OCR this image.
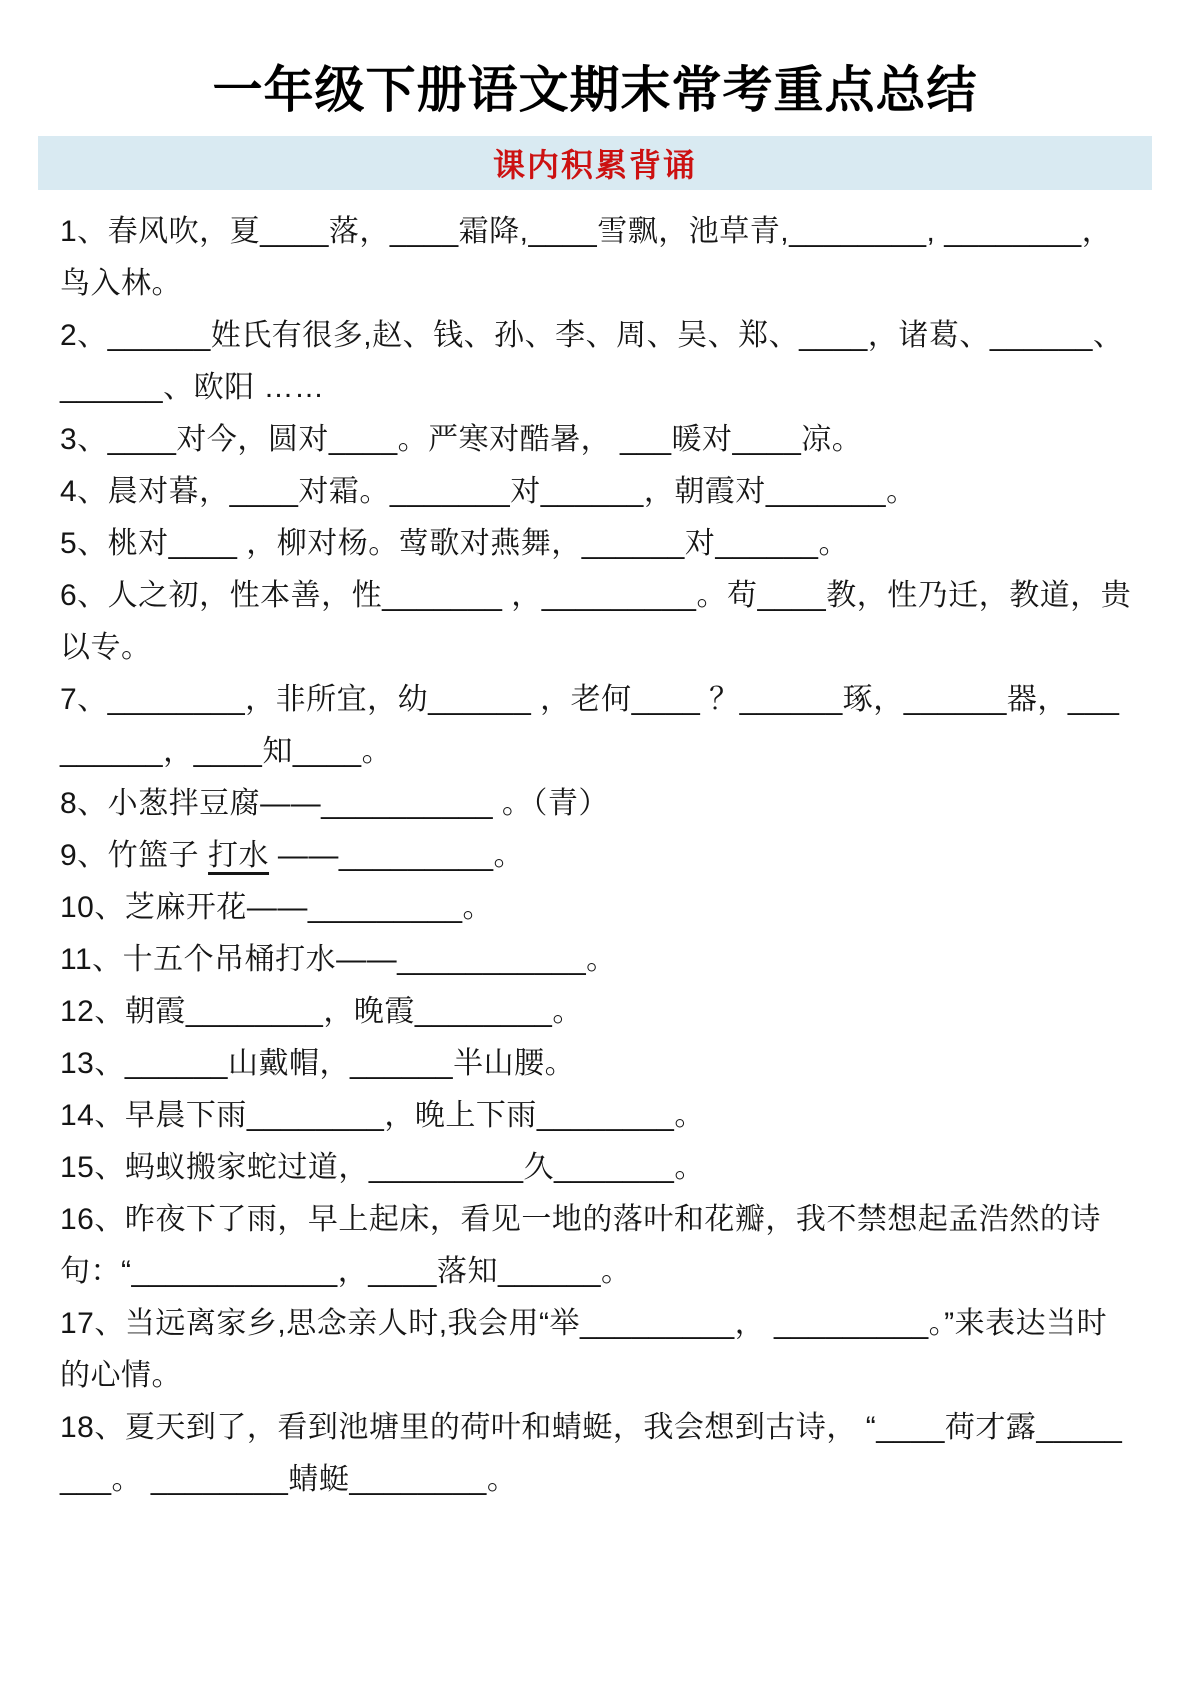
一年级下册语文期末常考重点总结
课内积累背诵

1、春风吹，夏____落，____霜降,____雪飘，池草青,________, ________，鸟入林。

2、______姓氏有很多,赵、钱、孙、李、周、吴、郑、____，诸葛、______、______、欧阳 ……

3、____对今，圆对____。严寒对酷暑， ___暖对____凉。

4、晨对暮，____对霜。_______对______，朝霞对_______。

5、桃对____ ，柳对杨。莺歌对燕舞，______对______。

6、人之初，性本善，性_______ ，_________。苟____教，性乃迁，教道，贵以专。

7、________，非所宜，幼______ ，老何____ ？______琢，______器，_________，____知____。

8、小葱拌豆腐——__________ 。（青）

9、竹篮子 打水 ——_________。

10、芝麻开花——_________。

11、十五个吊桶打水——___________。

12、朝霞________，晚霞________。

13、______山戴帽，______半山腰。

14、早晨下雨________，晚上下雨________。

15、蚂蚁搬家蛇过道，_________久_______。

16、昨夜下了雨，早上起床，看见一地的落叶和花瓣，我不禁想起孟浩然的诗句：“____________，____落知______。

17、当远离家乡,思念亲人时,我会用“举_________， _________。”来表达当时的心情。

18、夏天到了，看到池塘里的荷叶和蜻蜓，我会想到古诗， “____荷才露________。 ________蜻蜓________。
